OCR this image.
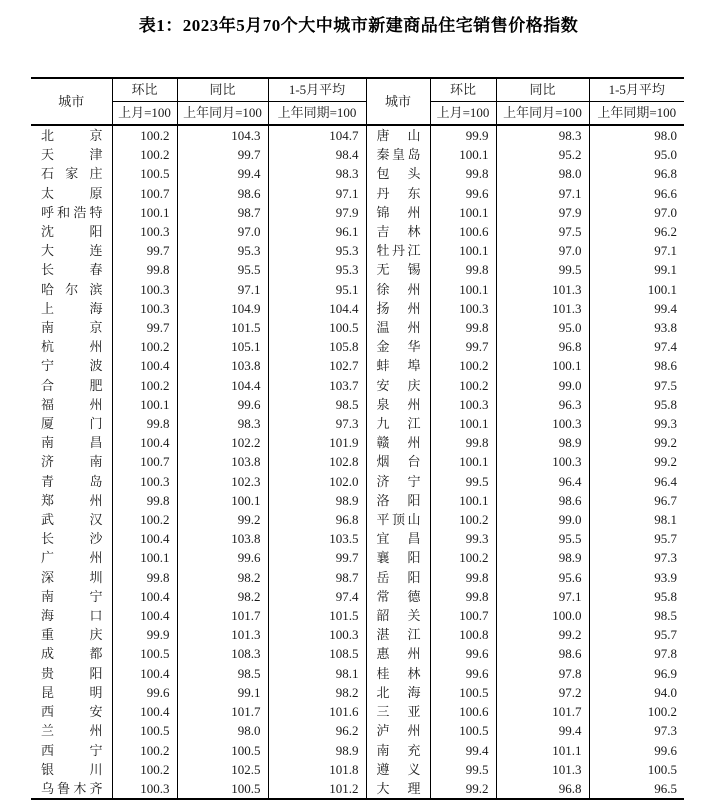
表1：2023年5月70个大中城市新建商品住宅销售价格指数
城市	环比	同比	1-5月平均	城市	环比	同比	1-5月平均
	上月=100	上年同月=100	上年同期=100		上月=100	上年同月=100	上年同期=100
北京	100.2	104.3	104.7	唐山	99.9	98.3	98.0
天津	100.2	99.7	98.4	秦皇岛	100.1	95.2	95.0
石家庄	100.5	99.4	98.3	包头	99.8	98.0	96.8
太原	100.7	98.6	97.1	丹东	99.6	97.1	96.6
呼和浩特	100.1	98.7	97.9	锦州	100.1	97.9	97.0
沈阳	100.3	97.0	96.1	吉林	100.6	97.5	96.2
大连	99.7	95.3	95.3	牡丹江	100.1	97.0	97.1
长春	99.8	95.5	95.3	无锡	99.8	99.5	99.1
哈尔滨	100.3	97.1	95.1	徐州	100.1	101.3	100.1
上海	100.3	104.9	104.4	扬州	100.3	101.3	99.4
南京	99.7	101.5	100.5	温州	99.8	95.0	93.8
杭州	100.2	105.1	105.8	金华	99.7	96.8	97.4
宁波	100.4	103.8	102.7	蚌埠	100.2	100.1	98.6
合肥	100.2	104.4	103.7	安庆	100.2	99.0	97.5
福州	100.1	99.6	98.5	泉州	100.3	96.3	95.8
厦门	99.8	98.3	97.3	九江	100.1	100.3	99.3
南昌	100.4	102.2	101.9	赣州	99.8	98.9	99.2
济南	100.7	103.8	102.8	烟台	100.1	100.3	99.2
青岛	100.3	102.3	102.0	济宁	99.5	96.4	96.4
郑州	99.8	100.1	98.9	洛阳	100.1	98.6	96.7
武汉	100.2	99.2	96.8	平顶山	100.2	99.0	98.1
长沙	100.4	103.8	103.5	宜昌	99.3	95.5	95.7
广州	100.1	99.6	99.7	襄阳	100.2	98.9	97.3
深圳	99.8	98.2	98.7	岳阳	99.8	95.6	93.9
南宁	100.4	98.2	97.4	常德	99.8	97.1	95.8
海口	100.4	101.7	101.5	韶关	100.7	100.0	98.5
重庆	99.9	101.3	100.3	湛江	100.8	99.2	95.7
成都	100.5	108.3	108.5	惠州	99.6	98.6	97.8
贵阳	100.4	98.5	98.1	桂林	99.6	97.8	96.9
昆明	99.6	99.1	98.2	北海	100.5	97.2	94.0
西安	100.4	101.7	101.6	三亚	100.6	101.7	100.2
兰州	100.5	98.0	96.2	泸州	100.5	99.4	97.3
西宁	100.2	100.5	98.9	南充	99.4	101.1	99.6
银川	100.2	102.5	101.8	遵义	99.5	101.3	100.5
乌鲁木齐	100.3	100.5	101.2	大理	99.2	96.8	96.5
